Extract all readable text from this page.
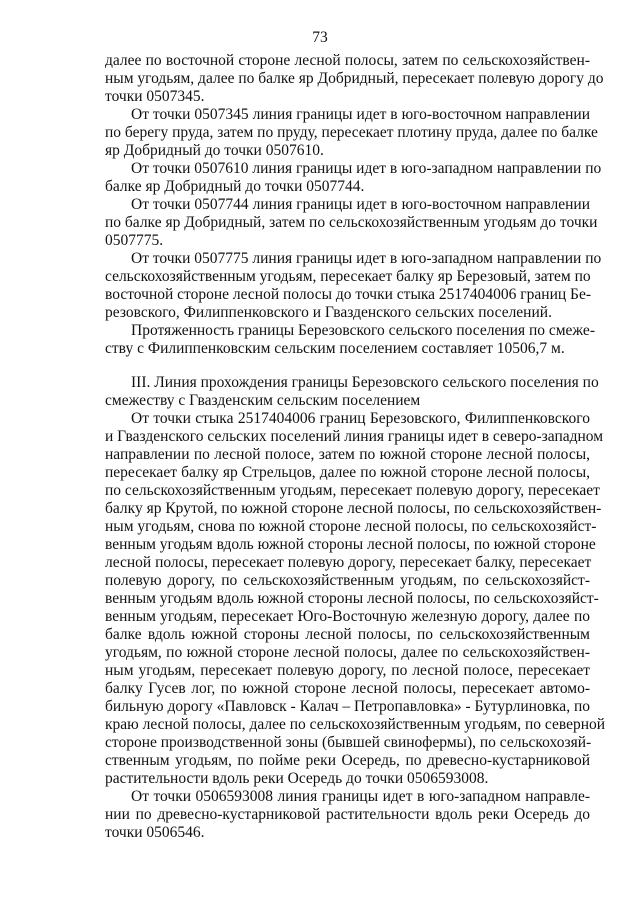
73
далее по восточной стороне лесной полосы, затем по сельскохозяйствен-
ным угодьям, далее по балке яр Добридный, пересекает полевую дорогу до
точки 0507345.
От точки 0507345 линия границы идет в юго-восточном направлении
по берегу пруда, затем по пруду, пересекает плотину пруда, далее по балке
яр Добридный до точки 0507610.
От точки 0507610 линия границы идет в юго-западном направлении по
балке яр Добридный до точки 0507744.
От точки 0507744 линия границы идет в юго-восточном направлении
по балке яр Добридный, затем по сельскохозяйственным угодьям до точки
0507775.
От точки 0507775 линия границы идет в юго-западном направлении по
сельскохозяйственным угодьям, пересекает балку яр Березовый, затем по
восточной стороне лесной полосы до точки стыка 2517404006 границ Бе-
резовского, Филиппенковского и Гвазденского сельских поселений.
Протяженность границы Березовского сельского поселения по смеже-
ству с Филиппенковским сельским поселением составляет 10506,7 м.
III. Линия прохождения границы Березовского сельского поселения по
смежеству с Гвазденским сельским поселением
От точки стыка 2517404006 границ Березовского, Филиппенковского
и Гвазденского сельских поселений линия границы идет в северо-западном
направлении по лесной полосе, затем по южной стороне лесной полосы,
пересекает балку яр Стрельцов, далее по южной стороне лесной полосы,
по сельскохозяйственным угодьям, пересекает полевую дорогу, пересекает
балку яр Крутой, по южной стороне лесной полосы, по сельскохозяйствен-
ным угодьям, снова по южной стороне лесной полосы, по сельскохозяйст-
венным угодьям вдоль южной стороны лесной полосы, по южной стороне
лесной полосы, пересекает полевую дорогу, пересекает балку, пересекает
полевую дорогу, по сельскохозяйственным угодьям, по сельскохозяйст-
венным угодьям вдоль южной стороны лесной полосы, по сельскохозяйст-
венным угодьям, пересекает Юго-Восточную железную дорогу, далее по
балке вдоль южной стороны лесной полосы, по сельскохозяйственным
угодьям, по южной стороне лесной полосы, далее по сельскохозяйствен-
ным угодьям, пересекает полевую дорогу, по лесной полосе, пересекает
балку Гусев лог, по южной стороне лесной полосы, пересекает автомо-
бильную дорогу «Павловск - Калач – Петропавловка» - Бутурлиновка, по
краю лесной полосы, далее по сельскохозяйственным угодьям, по северной
стороне производственной зоны (бывшей свинофермы), по сельскохозяй-
ственным угодьям, по пойме реки Осередь, по древесно-кустарниковой
растительности вдоль реки Осередь до точки 0506593008.
От точки 0506593008 линия границы идет в юго-западном направле-
нии по древесно-кустарниковой растительности вдоль реки Осередь до
точки 0506546.
